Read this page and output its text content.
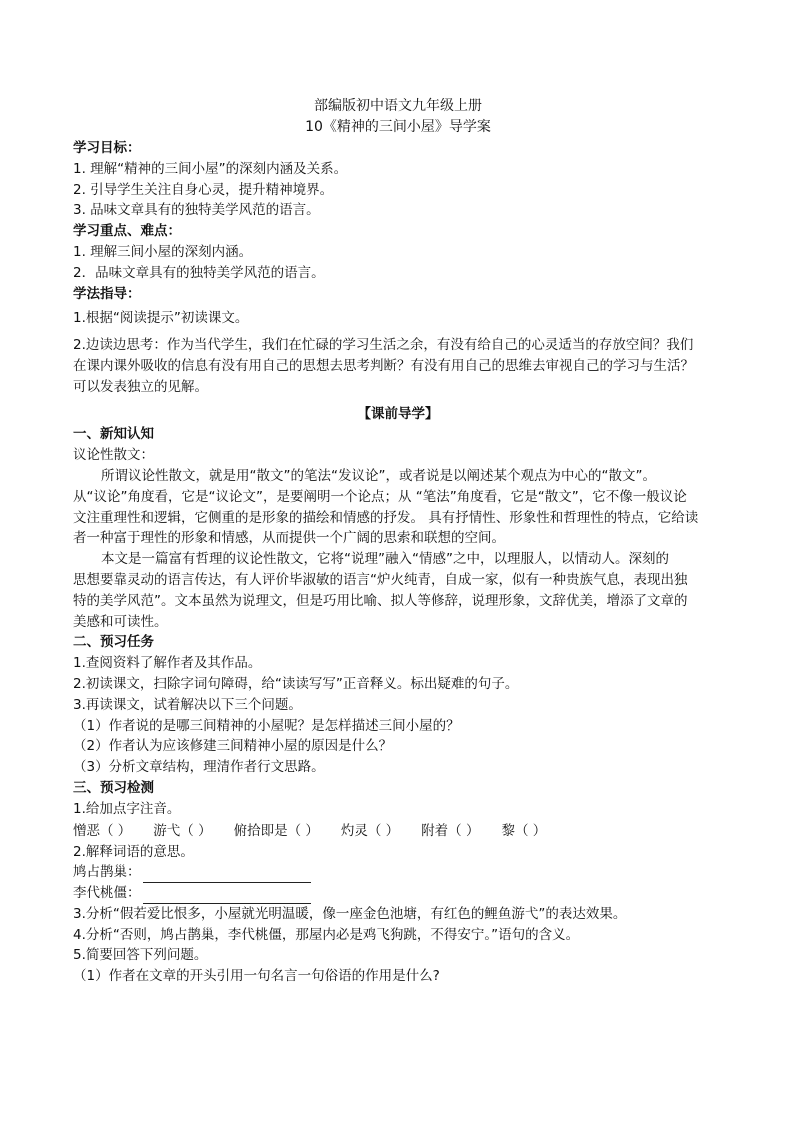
部编版初中语文九年级上册
10《精神的三间小屋》导学案
学习目标：
1. 理解“精神的三间小屋”的深刻内涵及关系。
2. 引导学生关注自身心灵，提升精神境界。
3. 品味文章具有的独特美学风范的语言。
学习重点、难点：
1. 理解三间小屋的深刻内涵。
2．品味文章具有的独特美学风范的语言。
学法指导：
1.根据“阅读提示”初读课文。
2.边读边思考：作为当代学生，我们在忙碌的学习生活之余，有没有给自己的心灵适当的存放空间？我们
在课内课外吸收的信息有没有用自己的思想去思考判断？有没有用自己的思维去审视自己的学习与生活？
可以发表独立的见解。
【课前导学】
一、新知认知
议论性散文：
所谓议论性散文，就是用“散文”的笔法“发议论”，或者说是以阐述某个观点为中心的“散文”。
从“议论”角度看，它是“议论文”，是要阐明一个论点；从 “笔法”角度看，它是“散文”，它不像一般议论
文注重理性和逻辑，它侧重的是形象的描绘和情感的抒发。 具有抒情性、形象性和哲理性的特点，它给读
者一种富于理性的形象和情感，从而提供一个广阔的思索和联想的空间。
本文是一篇富有哲理的议论性散文，它将“说理”融入“情感”之中，以理服人，以情动人。深刻的
思想要靠灵动的语言传达，有人评价毕淑敏的语言“炉火纯青，自成一家，似有一种贵族气息，表现出独
特的美学风范”。文本虽然为说理文，但是巧用比喻、拟人等修辞，说理形象，文辞优美，增添了文章的
美感和可读性。
二、预习任务
1.查阅资料了解作者及其作品。
2.初读课文，扫除字词句障碍，给“读读写写”正音释义。标出疑难的句子。
3.再读课文，试着解决以下三个问题。
（1）作者说的是哪三间精神的小屋呢？是怎样描述三间小屋的？
（2）作者认为应该修建三间精神小屋的原因是什么？
（3）分析文章结构，理清作者行文思路。
三、预习检测
1.给加点字注音。
憎恶（ ） 游弋（ ） 俯拾即是（ ） 灼灵（ ） 附着（ ） 黎（ ）
2.解释词语的意思。
鸠占鹊巢：
李代桃僵：
3.分析“假若爱比恨多，小屋就光明温暖，像一座金色池塘，有红色的鲤鱼游弋”的表达效果。
4.分析“否则，鸠占鹊巢，李代桃僵，那屋内必是鸡飞狗跳，不得安宁。”语句的含义。
5.简要回答下列问题。
（1）作者在文章的开头引用一句名言一句俗语的作用是什么?
